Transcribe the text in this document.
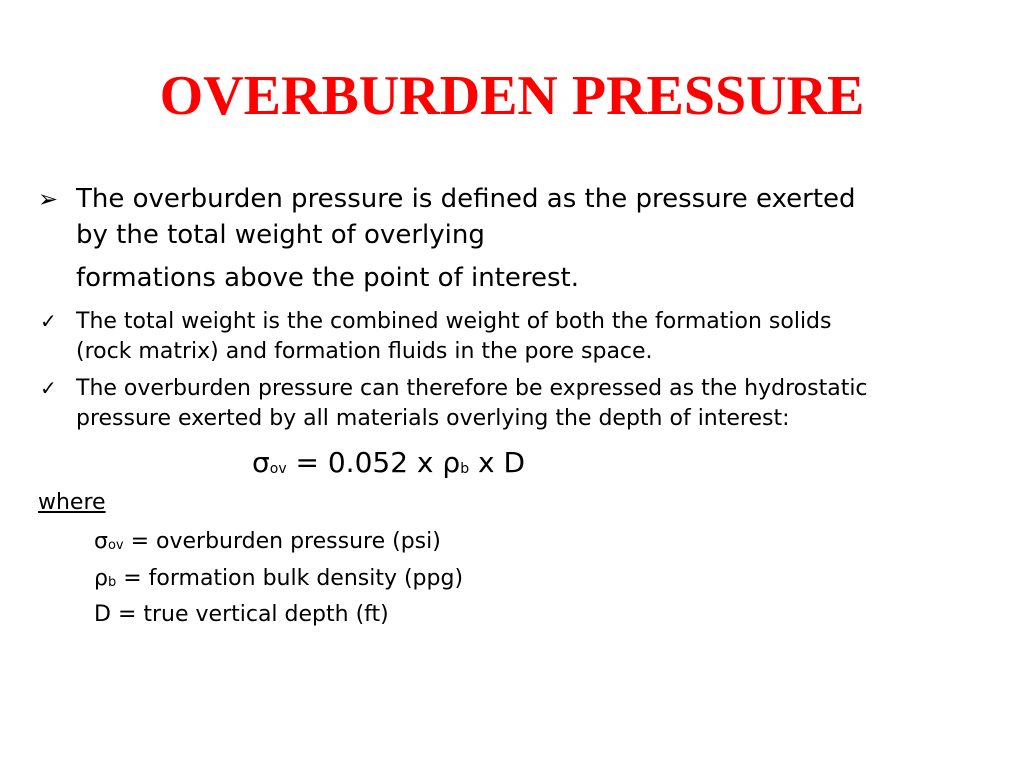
OVERBURDEN PRESSURE
➢ The overburden pressure is defined as the pressure exerted
by the total weight of overlying
formations above the point of interest.
✓ The total weight is the combined weight of both the formation solids
(rock matrix) and formation fluids in the pore space.
✓ The overburden pressure can therefore be expressed as the hydrostatic
pressure exerted by all materials overlying the depth of interest:
$\sigma_{ov} = 0.052$ x $\rho_b$ x D
where
$\sigma_{ov}$ = overburden pressure (psi)
$\rho_b$ = formation bulk density (ppg)
D = true vertical depth (ft)
